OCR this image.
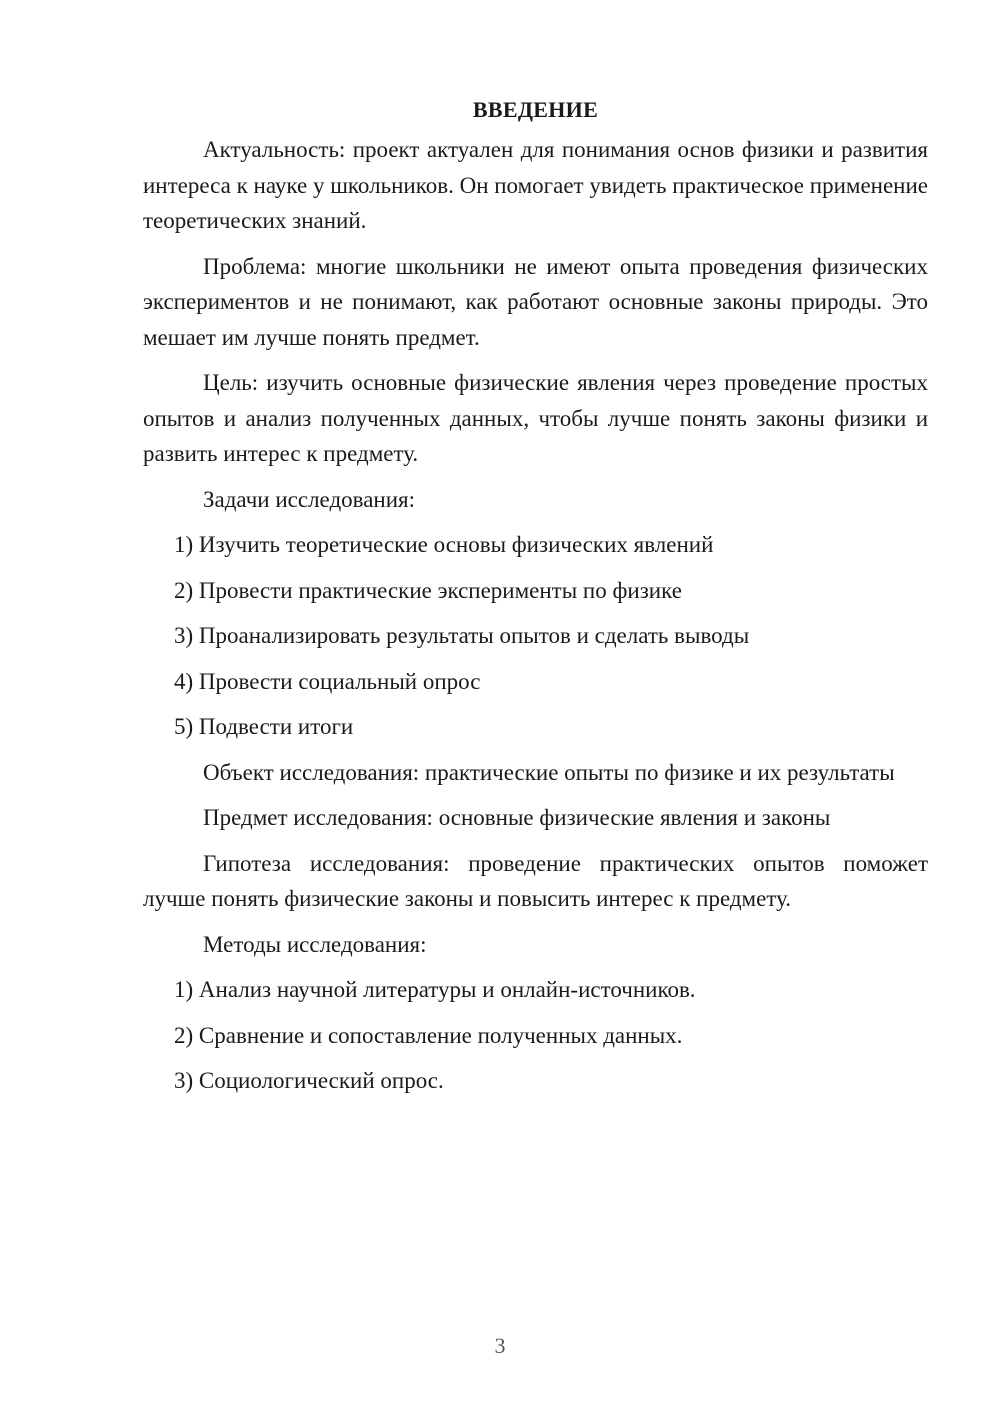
ВВЕДЕНИЕ

Актуальность: проект актуален для понимания основ физики и развития интереса к науке у школьников. Он помогает увидеть практическое применение теоретических знаний.

Проблема: многие школьники не имеют опыта проведения физических экспериментов и не понимают, как работают основные законы природы. Это мешает им лучше понять предмет.

Цель: изучить основные физические явления через проведение простых опытов и анализ полученных данных, чтобы лучше понять законы физики и развить интерес к предмету.

Задачи исследования:

1) Изучить теоретические основы физических явлений

2) Провести практические эксперименты по физике

3) Проанализировать результаты опытов и сделать выводы

4) Провести социальный опрос

5) Подвести итоги

Объект исследования: практические опыты по физике и их результаты

Предмет исследования: основные физические явления и законы

Гипотеза исследования: проведение практических опытов поможет лучше понять физические законы и повысить интерес к предмету.

Методы исследования:

1) Анализ научной литературы и онлайн-источников.

2) Сравнение и сопоставление полученных данных.

3) Социологический опрос.

3
